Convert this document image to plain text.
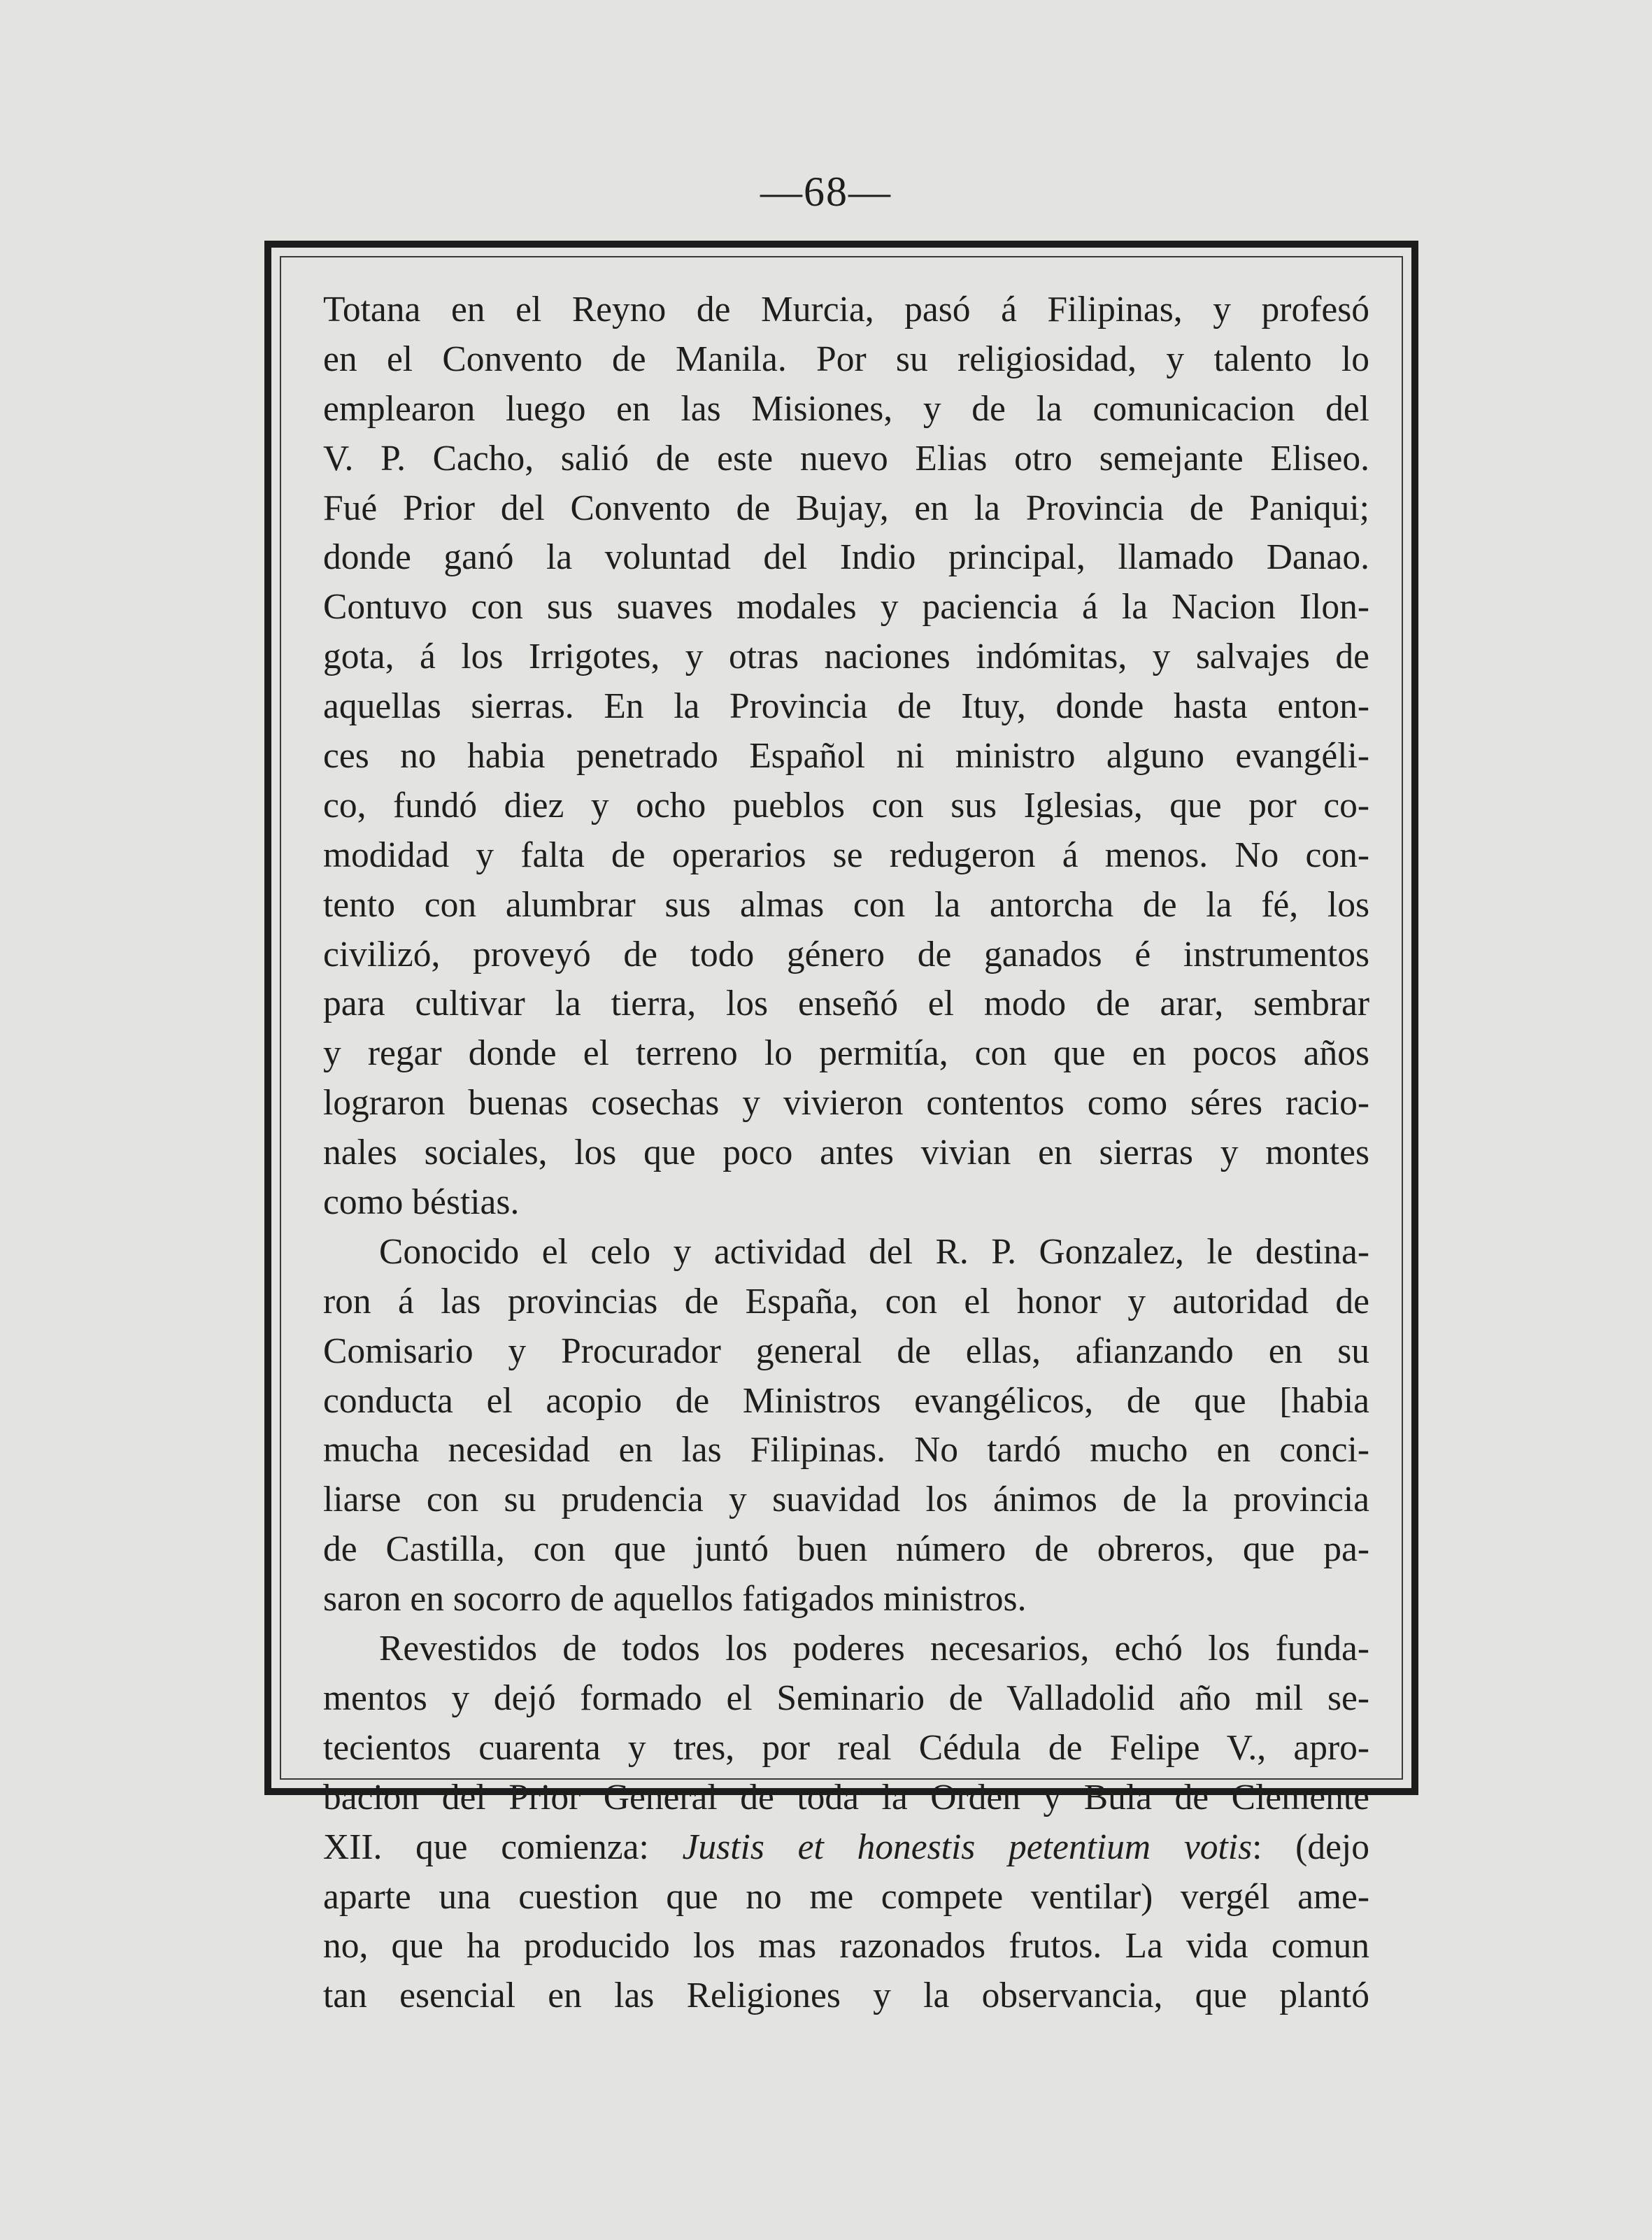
—68—
Totana en el Reyno de Murcia, pasó á Filipinas, y profesó
en el Convento de Manila. Por su religiosidad, y talento lo
emplearon luego en las Misiones, y de la comunicacion del
V. P. Cacho, salió de este nuevo Elias otro semejante Eliseo.
Fué Prior del Convento de Bujay, en la Provincia de Paniqui;
donde ganó la voluntad del Indio principal, llamado Danao.
Contuvo con sus suaves modales y paciencia á la Nacion Ilon-
gota, á los Irrigotes, y otras naciones indómitas, y salvajes de
aquellas sierras. En la Provincia de Ituy, donde hasta enton-
ces no habia penetrado Español ni ministro alguno evangéli-
co, fundó diez y ocho pueblos con sus Iglesias, que por co-
modidad y falta de operarios se redugeron á menos. No con-
tento con alumbrar sus almas con la antorcha de la fé, los
civilizó, proveyó de todo género de ganados é instrumentos
para cultivar la tierra, los enseñó el modo de arar, sembrar
y regar donde el terreno lo permitía, con que en pocos años
lograron buenas cosechas y vivieron contentos como séres racio-
nales sociales, los que poco antes vivian en sierras y montes
como béstias.
Conocido el celo y actividad del R. P. Gonzalez, le destina-
ron á las provincias de España, con el honor y autoridad de
Comisario y Procurador general de ellas, afianzando en su
conducta el acopio de Ministros evangélicos, de que [habia
mucha necesidad en las Filipinas. No tardó mucho en conci-
liarse con su prudencia y suavidad los ánimos de la provincia
de Castilla, con que juntó buen número de obreros, que pa-
saron en socorro de aquellos fatigados ministros.
Revestidos de todos los poderes necesarios, echó los funda-
mentos y dejó formado el Seminario de Valladolid año mil se-
tecientos cuarenta y tres, por real Cédula de Felipe V., apro-
bacion del Prior General de toda la Orden y Bula de Clemente
XII. que comienza: Justis et honestis petentium votis: (dejo
aparte una cuestion que no me compete ventilar) vergél ame-
no, que ha producido los mas razonados frutos. La vida comun
tan esencial en las Religiones y la observancia, que plantó
